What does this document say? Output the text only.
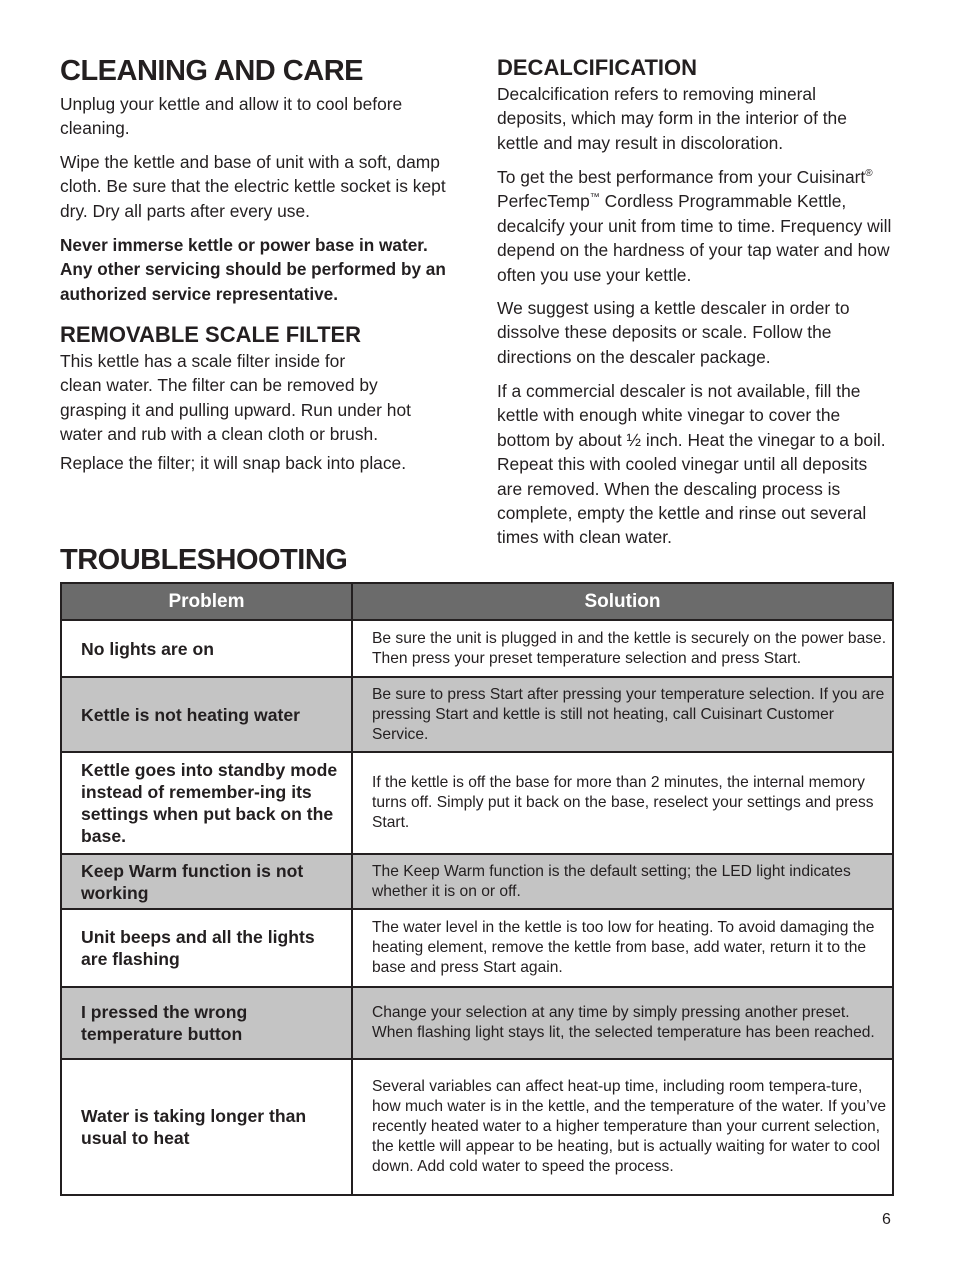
CLEANING AND CARE

Unplug your kettle and allow it to cool before cleaning.

Wipe the kettle and base of unit with a soft, damp cloth. Be sure that the electric kettle socket is kept dry. Dry all parts after every use.

Never immerse kettle or power base in water. Any other servicing should be performed by an authorized service representative.

REMOVABLE SCALE FILTER

This kettle has a scale filter inside for
clean water. The filter can be removed by grasping it and pulling upward. Run under hot water and rub with a clean cloth or brush.

Replace the filter; it will snap back into place.

DECALCIFICATION

Decalcification refers to removing mineral deposits, which may form in the interior of the kettle and may result in discoloration.

To get the best performance from your Cuisinart® PerfecTemp™ Cordless Programmable Kettle, decalcify your unit from time to time. Frequency will depend on the hardness of your tap water and how often you use your kettle.

We suggest using a kettle descaler in order to dissolve these deposits or scale. Follow the directions on the descaler package.

If a commercial descaler is not available, fill the kettle with enough white vinegar to cover the bottom by about ½ inch. Heat the vinegar to a boil. Repeat this with cooled vinegar until all deposits are removed. When the descaling process is complete, empty the kettle and rinse out several times with clean water.

TROUBLESHOOTING
Problem	Solution
No lights are on	Be sure the unit is plugged in and the kettle is securely on the power base. Then press your preset temperature selection and press Start.
Kettle is not heating water	Be sure to press Start after pressing your temperature selection. If you are pressing Start and kettle is still not heating, call Cuisinart Customer Service.
Kettle goes into standby mode instead of remember-ing its settings when put back on the base.	If the kettle is off the base for more than 2 minutes, the internal memory turns off. Simply put it back on the base, reselect your settings and press Start.
Keep Warm function is not working	The Keep Warm function is the default setting; the LED light indicates whether it is on or off.
Unit beeps and all the lights are flashing	The water level in the kettle is too low for heating. To avoid damaging the heating element, remove the kettle from base, add water, return it to the base and press Start again.
I pressed the wrong temperature button	Change your selection at any time by simply pressing another preset. When flashing light stays lit, the selected temperature has been reached.
Water is taking longer than usual to heat	Several variables can affect heat-up time, including room tempera-ture, how much water is in the kettle, and the temperature of the water. If you’ve recently heated water to a higher temperature than your current selection, the kettle will appear to be heating, but is actually waiting for water to cool down. Add cold water to speed the process.
6
